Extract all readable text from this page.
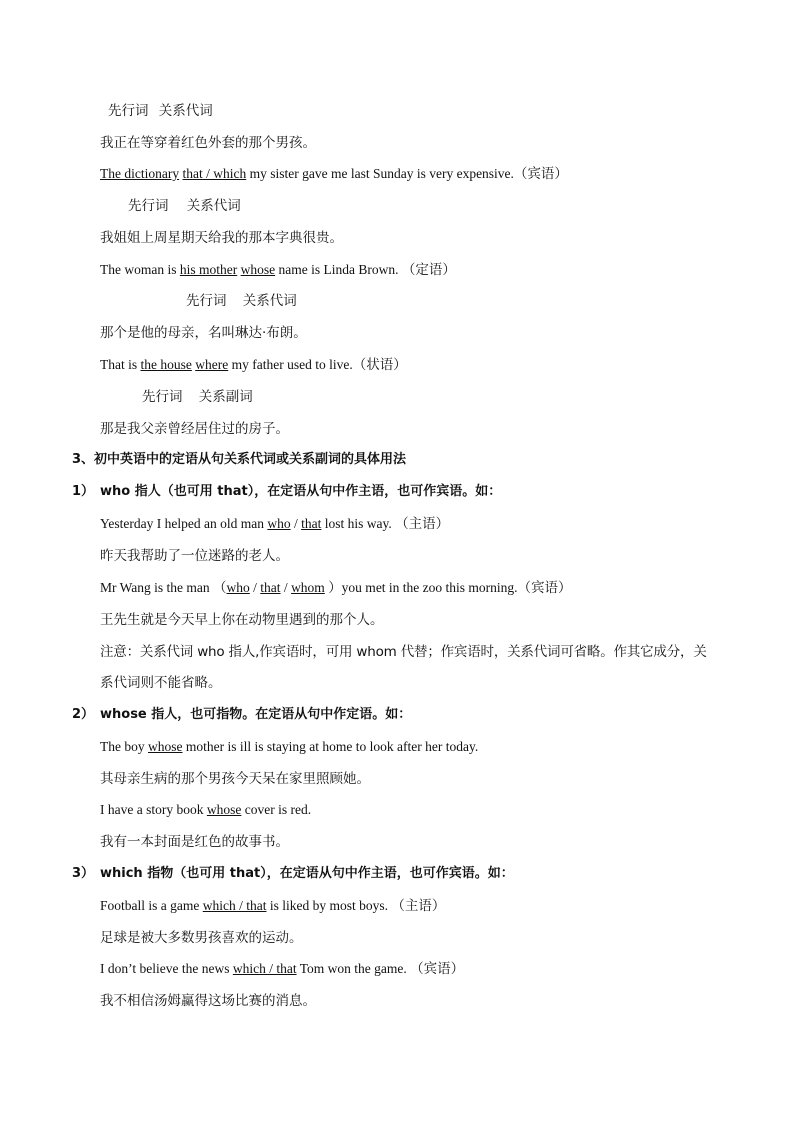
先行词 关系代词
我正在等穿着红色外套的那个男孩。
The dictionary that / which my sister gave me last Sunday is very expensive.（宾语）
先行词 关系代词
我姐姐上周星期天给我的那本字典很贵。
The woman is his mother whose name is Linda Brown. （定语）
先行词 关系代词
那个是他的母亲，名叫琳达·布朗。
That is the house where my father used to live.（状语）
先行词 关系副词
那是我父亲曾经居住过的房子。
3、初中英语中的定语从句关系代词或关系副词的具体用法
1） who 指人（也可用 that），在定语从句中作主语，也可作宾语。如：
Yesterday I helped an old man who / that lost his way. （主语）
昨天我帮助了一位迷路的老人。
Mr Wang is the man （who / that / whom ）you met in the zoo this morning.（宾语）
王先生就是今天早上你在动物里遇到的那个人。
注意：关系代词 who 指人,作宾语时，可用 whom 代替；作宾语时，关系代词可省略。作其它成分，关
系代词则不能省略。
2） whose 指人，也可指物。在定语从句中作定语。如：
The boy whose mother is ill is staying at home to look after her today.
其母亲生病的那个男孩今天呆在家里照顾她。
I have a story book whose cover is red.
我有一本封面是红色的故事书。
3） which 指物（也可用 that），在定语从句中作主语，也可作宾语。如：
Football is a game which / that is liked by most boys. （主语）
足球是被大多数男孩喜欢的运动。
I don’t believe the news which / that Tom won the game. （宾语）
我不相信汤姆赢得这场比赛的消息。
